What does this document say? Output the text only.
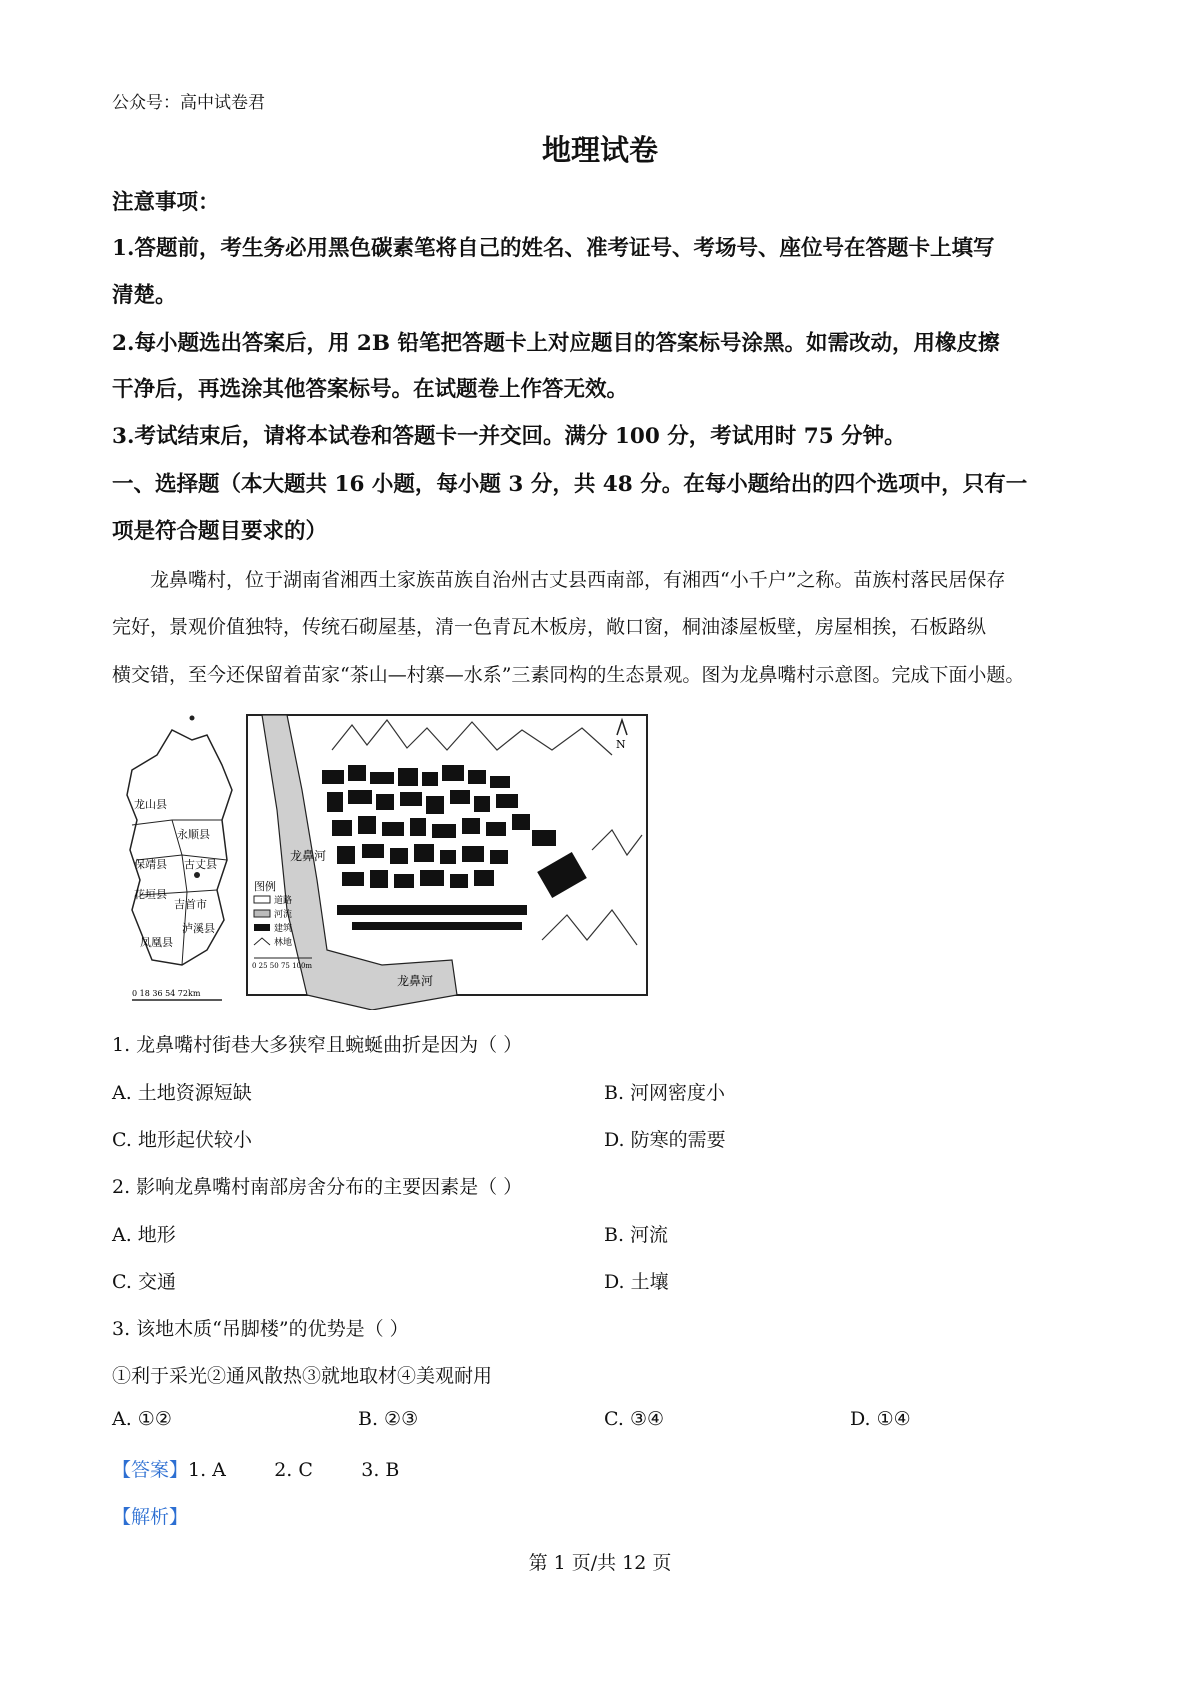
公众号：高中试卷君
地理试卷
注意事项：
1.答题前，考生务必用黑色碳素笔将自己的姓名、准考证号、考场号、座位号在答题卡上填写
清楚。
2.每小题选出答案后，用 2B 铅笔把答题卡上对应题目的答案标号涂黑。如需改动，用橡皮擦
干净后，再选涂其他答案标号。在试题卷上作答无效。
3.考试结束后，请将本试卷和答题卡一并交回。满分 100 分，考试用时 75 分钟。
一、选择题（本大题共 16 小题，每小题 3 分，共 48 分。在每小题给出的四个选项中，只有一
项是符合题目要求的）
龙鼻嘴村，位于湖南省湘西土家族苗族自治州古丈县西南部，有湘西“小千户”之称。苗族村落民居保存
完好，景观价值独特，传统石砌屋基，清一色青瓦木板房，敞口窗，桐油漆屋板壁，房屋相挨，石板路纵
横交错，至今还保留着苗家“茶山—村寨—水系”三素同构的生态景观。图为龙鼻嘴村示意图。完成下面小题。
龙山县
永顺县
保靖县 古丈县
花垣县
吉首市
泸溪县
凤凰县
0 18 36 54 72km
龙鼻河
龙鼻河
N
图例
道路
河流
建筑
林地
0 25 50 75 100m
1. 龙鼻嘴村街巷大多狭窄且蜿蜒曲折是因为（ ）
A. 土地资源短缺	B. 河网密度小
C. 地形起伏较小	D. 防寒的需要
2. 影响龙鼻嘴村南部房舍分布的主要因素是（ ）
A. 地形	B. 河流
C. 交通	D. 土壤
3. 该地木质“吊脚楼”的优势是（ ）
①利于采光②通风散热③就地取材④美观耐用
A. ①②	B. ②③	C. ③④	D. ①④
【答案】1. A        2. C        3. B
【解析】
第 1 页/共 12 页
